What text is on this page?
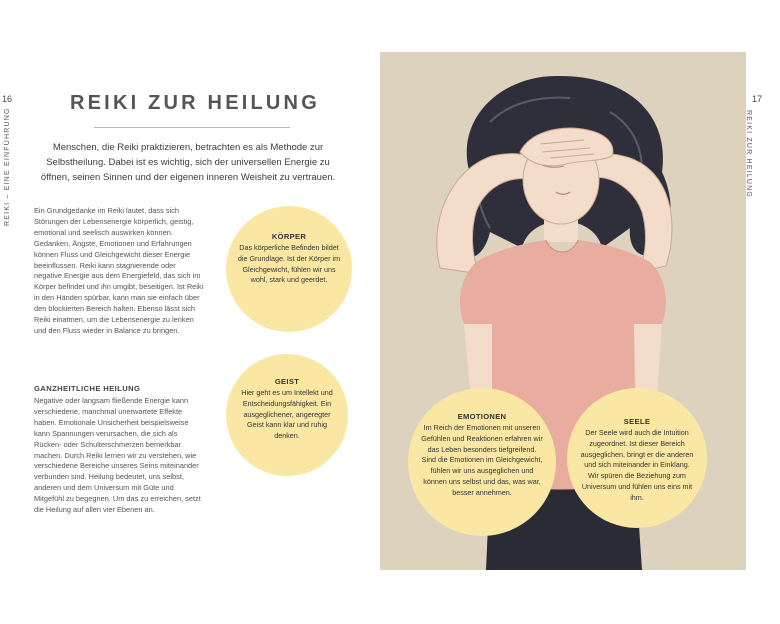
16
REIKI – EINE EINFÜHRUNG
REIKI ZUR HEILUNG
Menschen, die Reiki praktizieren, betrachten es als Methode zur Selbstheilung. Dabei ist es wichtig, sich der universellen Energie zu öffnen, seinen Sinnen und der eigenen inneren Weisheit zu vertrauen.
Ein Grundgedanke im Reiki lautet, dass sich Störungen der Lebensenergie körperlich, geistig, emotional und seelisch auswirken können. Gedanken, Ängste, Emotionen und Erfahrungen können Fluss und Gleichgewicht dieser Energie beeinflussen. Reiki kann stagnierende oder negative Energie aus dem Energiefeld, das sich im Körper befindet und ihn umgibt, beseitigen. Ist Reiki in den Händen spürbar, kann man sie einfach über den blockierten Bereich halten. Ebenso lässt sich Reiki einatmen, um die Lebensenergie zu lenken und den Fluss wieder in Balance zu bringen.
GANZHEITLICHE HEILUNG
Negative oder langsam fließende Energie kann verschiedene, manchmal unerwartete Effekte haben. Emotionale Unsicherheit beispielsweise kann Spannungen verursachen, die sich als Rücken- oder Schulterschmerzen bemerkbar machen. Durch Reiki lernen wir zu verstehen, wie verschiedene Bereiche unseres Seins miteinander verbunden sind. Heilung bedeutet, uns selbst, anderen und dem Universum mit Güte und Mitgefühl zu begegnen. Um das zu erreichen, setzt die Heilung auf allen vier Ebenen an.
17
REIKI ZUR HEILUNG
KÖRPER
Das körperliche Befinden bildet die Grundlage. Ist der Körper im Gleichgewicht, fühlen wir uns wohl, stark und geerdet.
GEIST
Hier geht es um Intellekt und Entscheidungsfähigkeit. Ein ausgeglichener, angeregter Geist kann klar und ruhig denken.
EMOTIONEN
Im Reich der Emotionen mit unseren Gefühlen und Reaktionen erfahren wir das Leben besonders tiefgreifend. Sind die Emotionen im Gleichgewicht, fühlen wir uns ausgeglichen und können uns selbst und das, was war, besser annehmen.
SEELE
Der Seele wird auch die Intuition zugeordnet. Ist dieser Bereich ausgeglichen, bringt er die anderen und sich miteinander in Einklang. Wir spüren die Beziehung zum Universum und fühlen uns eins mit ihm.
